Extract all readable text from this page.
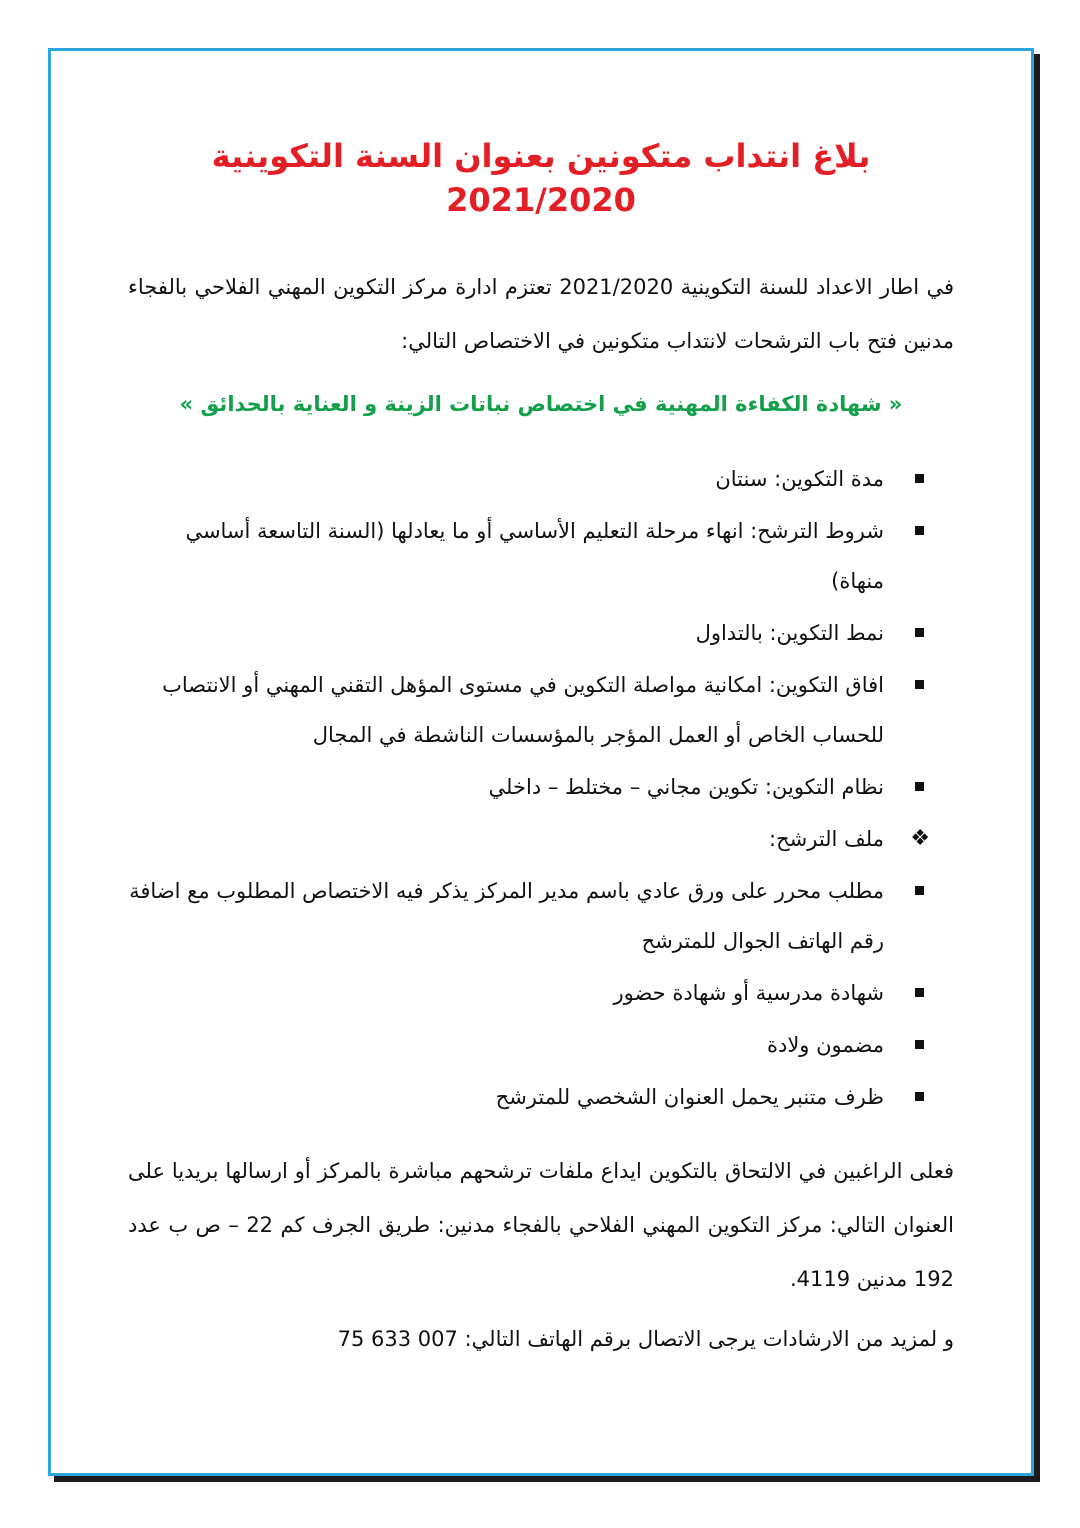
بلاغ انتداب متكونين بعنوان السنة التكوينية 2021/2020

في اطار الاعداد للسنة التكوينية 2021/2020 تعتزم ادارة مركز التكوين المهني الفلاحي بالفجاء مدنين فتح باب الترشحات لانتداب متكونين في الاختصاص التالي:

« شهادة الكفاءة المهنية في اختصاص نباتات الزينة و العناية بالحدائق »

مدة التكوين: سنتان
شروط الترشح: انهاء مرحلة التعليم الأساسي أو ما يعادلها (السنة التاسعة أساسي منهاة)
نمط التكوين: بالتداول
افاق التكوين: امكانية مواصلة التكوين في مستوى المؤهل التقني المهني أو الانتصاب للحساب الخاص أو العمل المؤجر بالمؤسسات الناشطة في المجال
نظام التكوين: تكوين مجاني – مختلط – داخلي

❖
ملف الترشح:

مطلب محرر على ورق عادي باسم مدير المركز يذكر فيه الاختصاص المطلوب مع اضافة رقم الهاتف الجوال للمترشح
شهادة مدرسية أو شهادة حضور
مضمون ولادة
ظرف متنبر يحمل العنوان الشخصي للمترشح

فعلى الراغبين في الالتحاق بالتكوين ايداع ملفات ترشحهم مباشرة بالمركز أو ارسالها بريديا على العنوان التالي: مركز التكوين المهني الفلاحي بالفجاء مدنين: طريق الجرف كم 22 – ص ب عدد 192 مدنين 4119.

و لمزيد من الارشادات يرجى الاتصال برقم الهاتف التالي: 75 633 007
